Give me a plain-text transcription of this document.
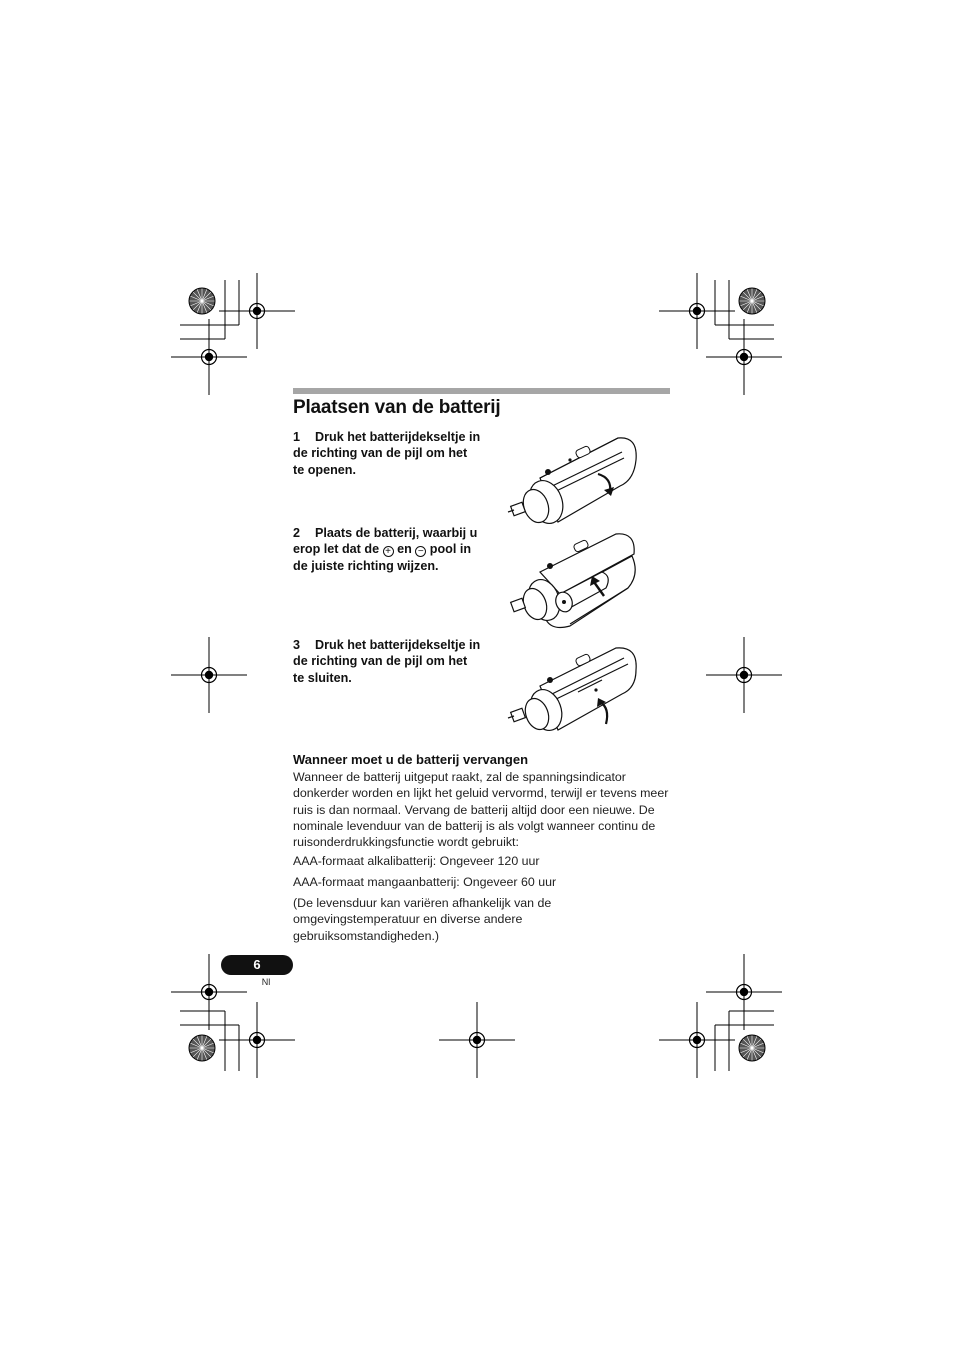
Plaatsen van de batterij

1 Druk het batterijdekseltje in de richting van de pijl om het te openen.

2 Plaats de batterij, waarbij u erop let dat de + en − pool in de juiste richting wijzen.

3 Druk het batterijdekseltje in de richting van de pijl om het te sluiten.

Wanneer moet u de batterij vervangen

Wanneer de batterij uitgeput raakt, zal de spanningsindicator donkerder worden en lijkt het geluid vervormd, terwijl er tevens meer ruis is dan normaal. Vervang de batterij altijd door een nieuwe. De nominale levenduur van de batterij is als volgt wanneer continu de ruisonderdrukkingsfunctie wordt gebruikt:

AAA-formaat alkalibatterij: Ongeveer 120 uur

AAA-formaat mangaanbatterij: Ongeveer 60 uur

(De levensduur kan variëren afhankelijk van de omgevingstemperatuur en diverse andere gebruiksomstandigheden.)

6
Nl
